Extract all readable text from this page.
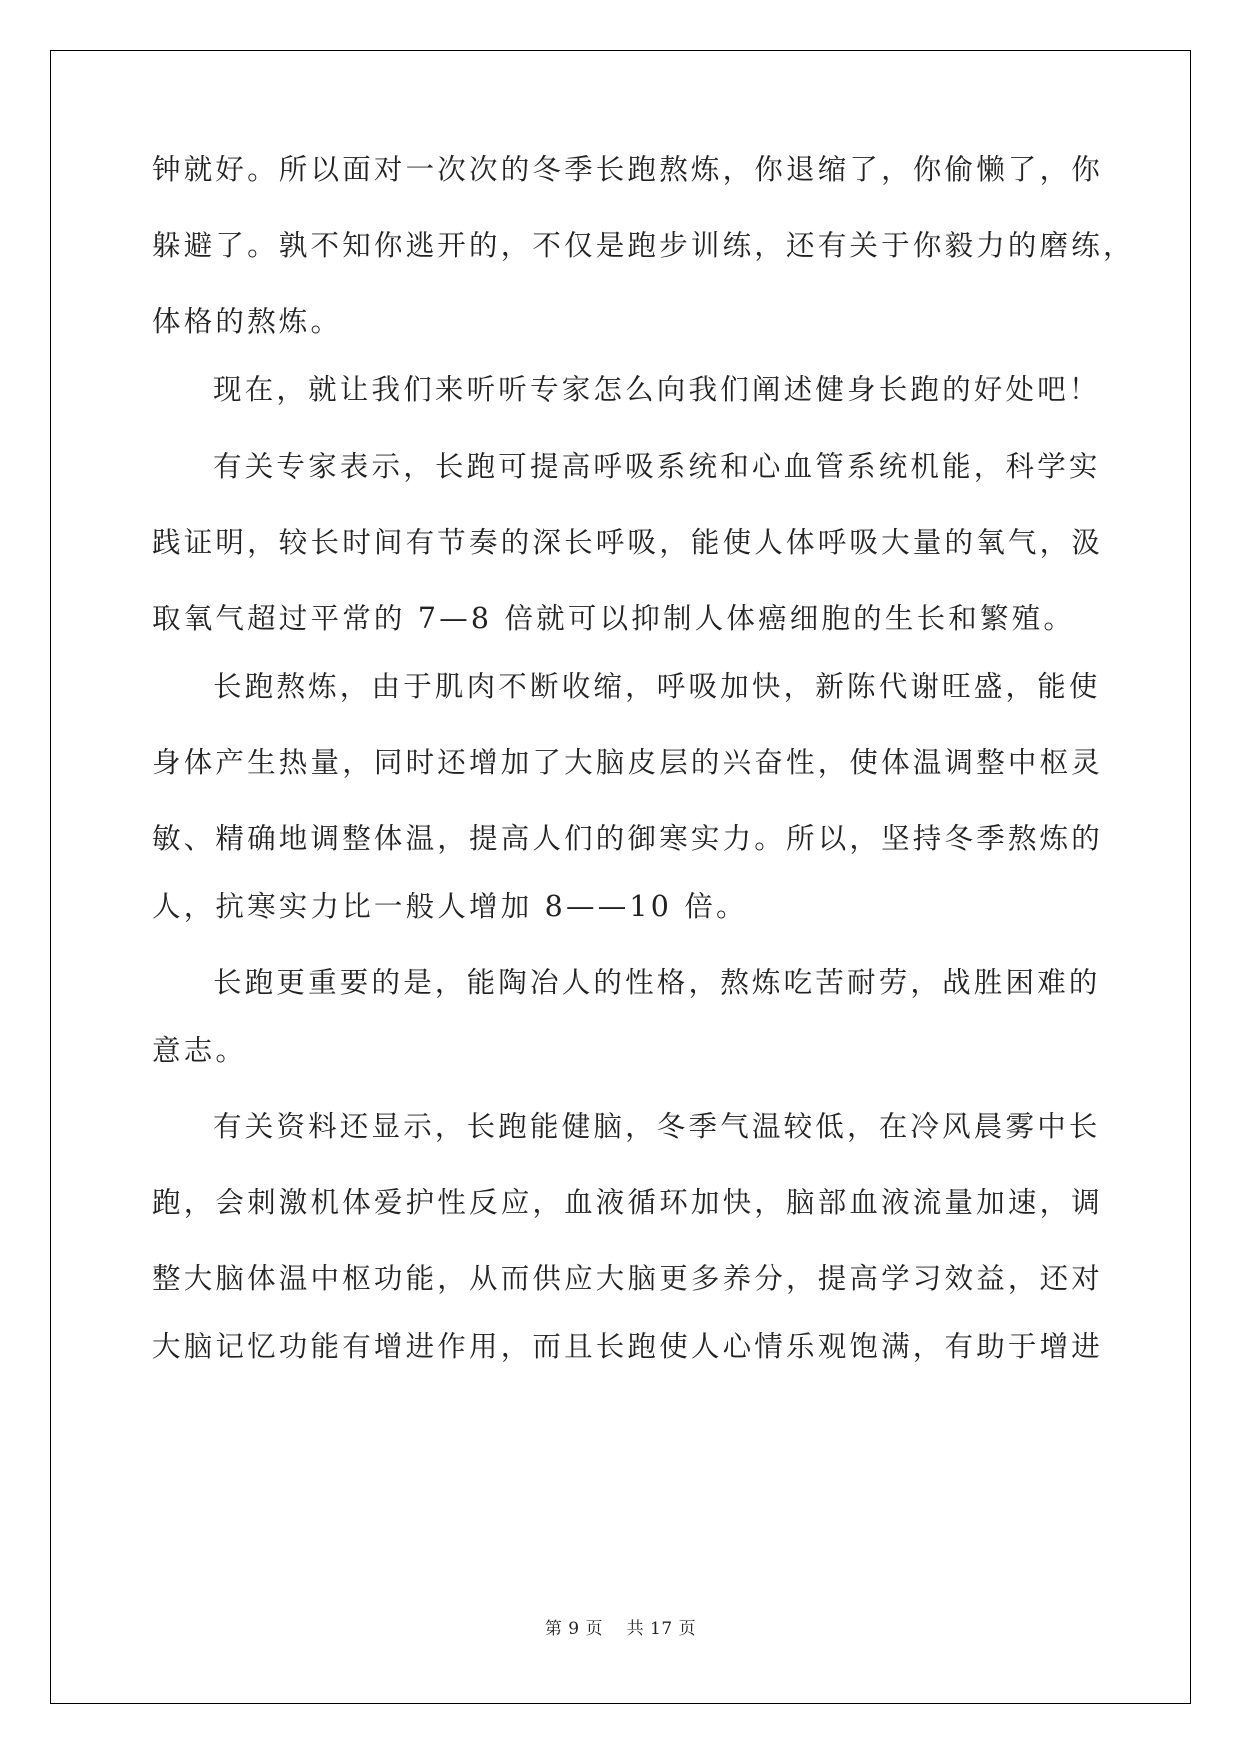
钟就好。所以面对一次次的冬季长跑熬炼，你退缩了，你偷懒了，你
躲避了。孰不知你逃开的，不仅是跑步训练，还有关于你毅力的磨练，
体格的熬炼。
现在，就让我们来听听专家怎么向我们阐述健身长跑的好处吧！
有关专家表示，长跑可提高呼吸系统和心血管系统机能，科学实
践证明，较长时间有节奏的深长呼吸，能使人体呼吸大量的氧气，汲
取氧气超过平常的 7—8 倍就可以抑制人体癌细胞的生长和繁殖。
长跑熬炼，由于肌肉不断收缩，呼吸加快，新陈代谢旺盛，能使
身体产生热量，同时还增加了大脑皮层的兴奋性，使体温调整中枢灵
敏、精确地调整体温，提高人们的御寒实力。所以，坚持冬季熬炼的
人，抗寒实力比一般人增加 8——10 倍。
长跑更重要的是，能陶冶人的性格，熬炼吃苦耐劳，战胜困难的
意志。
有关资料还显示，长跑能健脑，冬季气温较低，在冷风晨雾中长
跑，会刺激机体爱护性反应，血液循环加快，脑部血液流量加速，调
整大脑体温中枢功能，从而供应大脑更多养分，提高学习效益，还对
大脑记忆功能有增进作用，而且长跑使人心情乐观饱满，有助于增进
第 9 页 共 17 页
